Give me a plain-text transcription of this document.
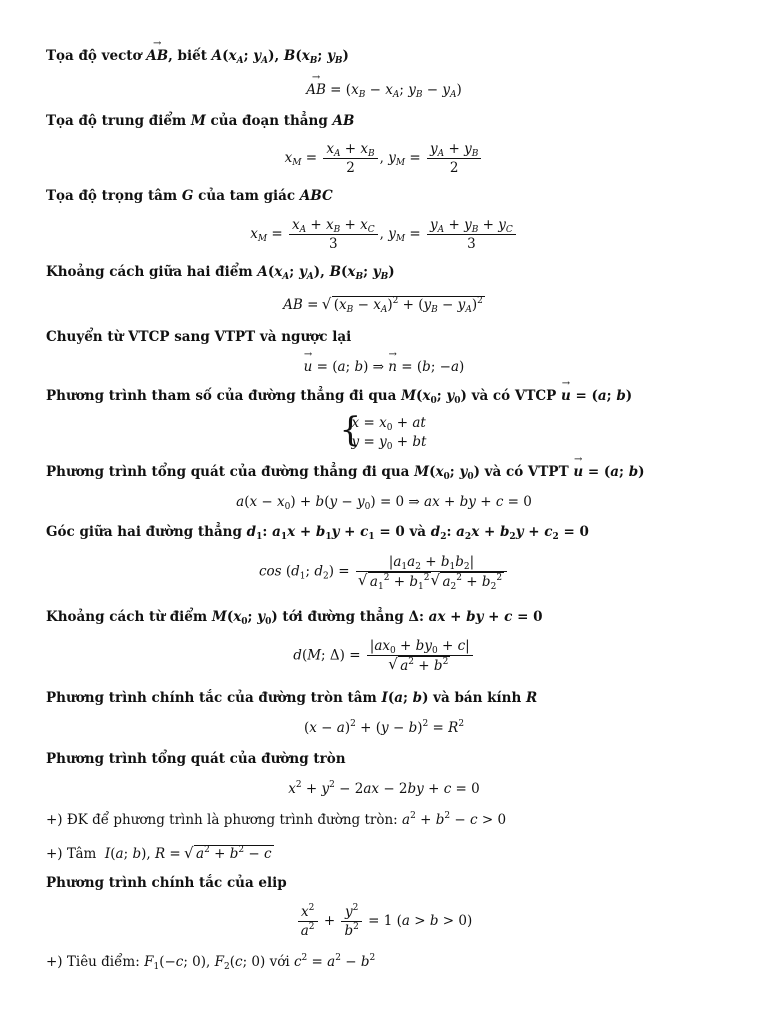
Tọa độ vectơ → AB, biết $A(x_A$; $y_A$), $B(x_B$; $y_B$)
→ AB = ($x_B - x_A$; $y_B - y_A$)
Tọa độ trung điểm M của đoạn thẳng AB
$x_M = \frac{x_A + x_B}{2}$ , $y_M = \frac{y_A + y_B}{2}$
Tọa độ trọng tâm G của tam giác ABC
$x_M = \frac{x_A + x_B + x_C}{3}$ , $y_M = \frac{y_A + y_B + y_C}{3}$
Khoảng cách giữa hai điểm $A(x_A$; $y_A$), $B(x_B$; $y_B$)
AB = √ $(x_B - x_A)^2 + (y_B - y_A)^2$
Chuyển từ VTCP sang VTPT và ngược lại
→ u = (a; b) ⇒ → n = (b; −a)
Phương trình tham số của đường thẳng đi qua $M(x_0$; $y_0$) và có VTCP → u = (a; b)
{ $x = x_0$ + at
$y = y_0$ + bt
Phương trình tổng quát của đường thẳng đi qua $M(x_0$; $y_0$) và có VTPT → u = (a; b)
$a(x - x_0) + b(y - y_0) = 0$ ⇒ ax + by + c = 0
Góc giữa hai đường thẳng $d_1$: $a_1x + b_1y + c_1 = 0$ và $d_2$: $a_2x + b_2y + c_2 = 0$
$\cos (d_1$; $d_2) = |a_1a_2 + b_1b_2|$
√ $a_1^2 + b_1^2√$ $a_2^2 + b_2^2$
Khoảng cách từ điểm $M(x_0$; $y_0$) tới đường thẳng Δ: ax + by + c = 0
d(M; $\Delta) = |ax_0 + by_0 + c|$
√ $a^2 + b^2$
Phương trình chính tắc của đường tròn tâm I(a; b) và bán kính R
$(x - a)^2 + (y - b)^2 = R^2$
Phương trình tổng quát của đường tròn
$x^2 + y^2 - 2ax - 2by + c = 0$
+) ĐK để phương trình là phương trình đường tròn: $a^2 + b^2 - c > 0$
+) Tâm  I(a; b), R = √ $a^2 + b^2 - c$
Phương trình chính tắc của elip
$\frac{x^2}{a^2} + \frac{y^2}{b^2} = 1$ (a > b > 0)
+) Tiêu điểm: $F_1(-c$; 0), $F_2(c$; 0) với $c^2 = a^2 - b^2$
